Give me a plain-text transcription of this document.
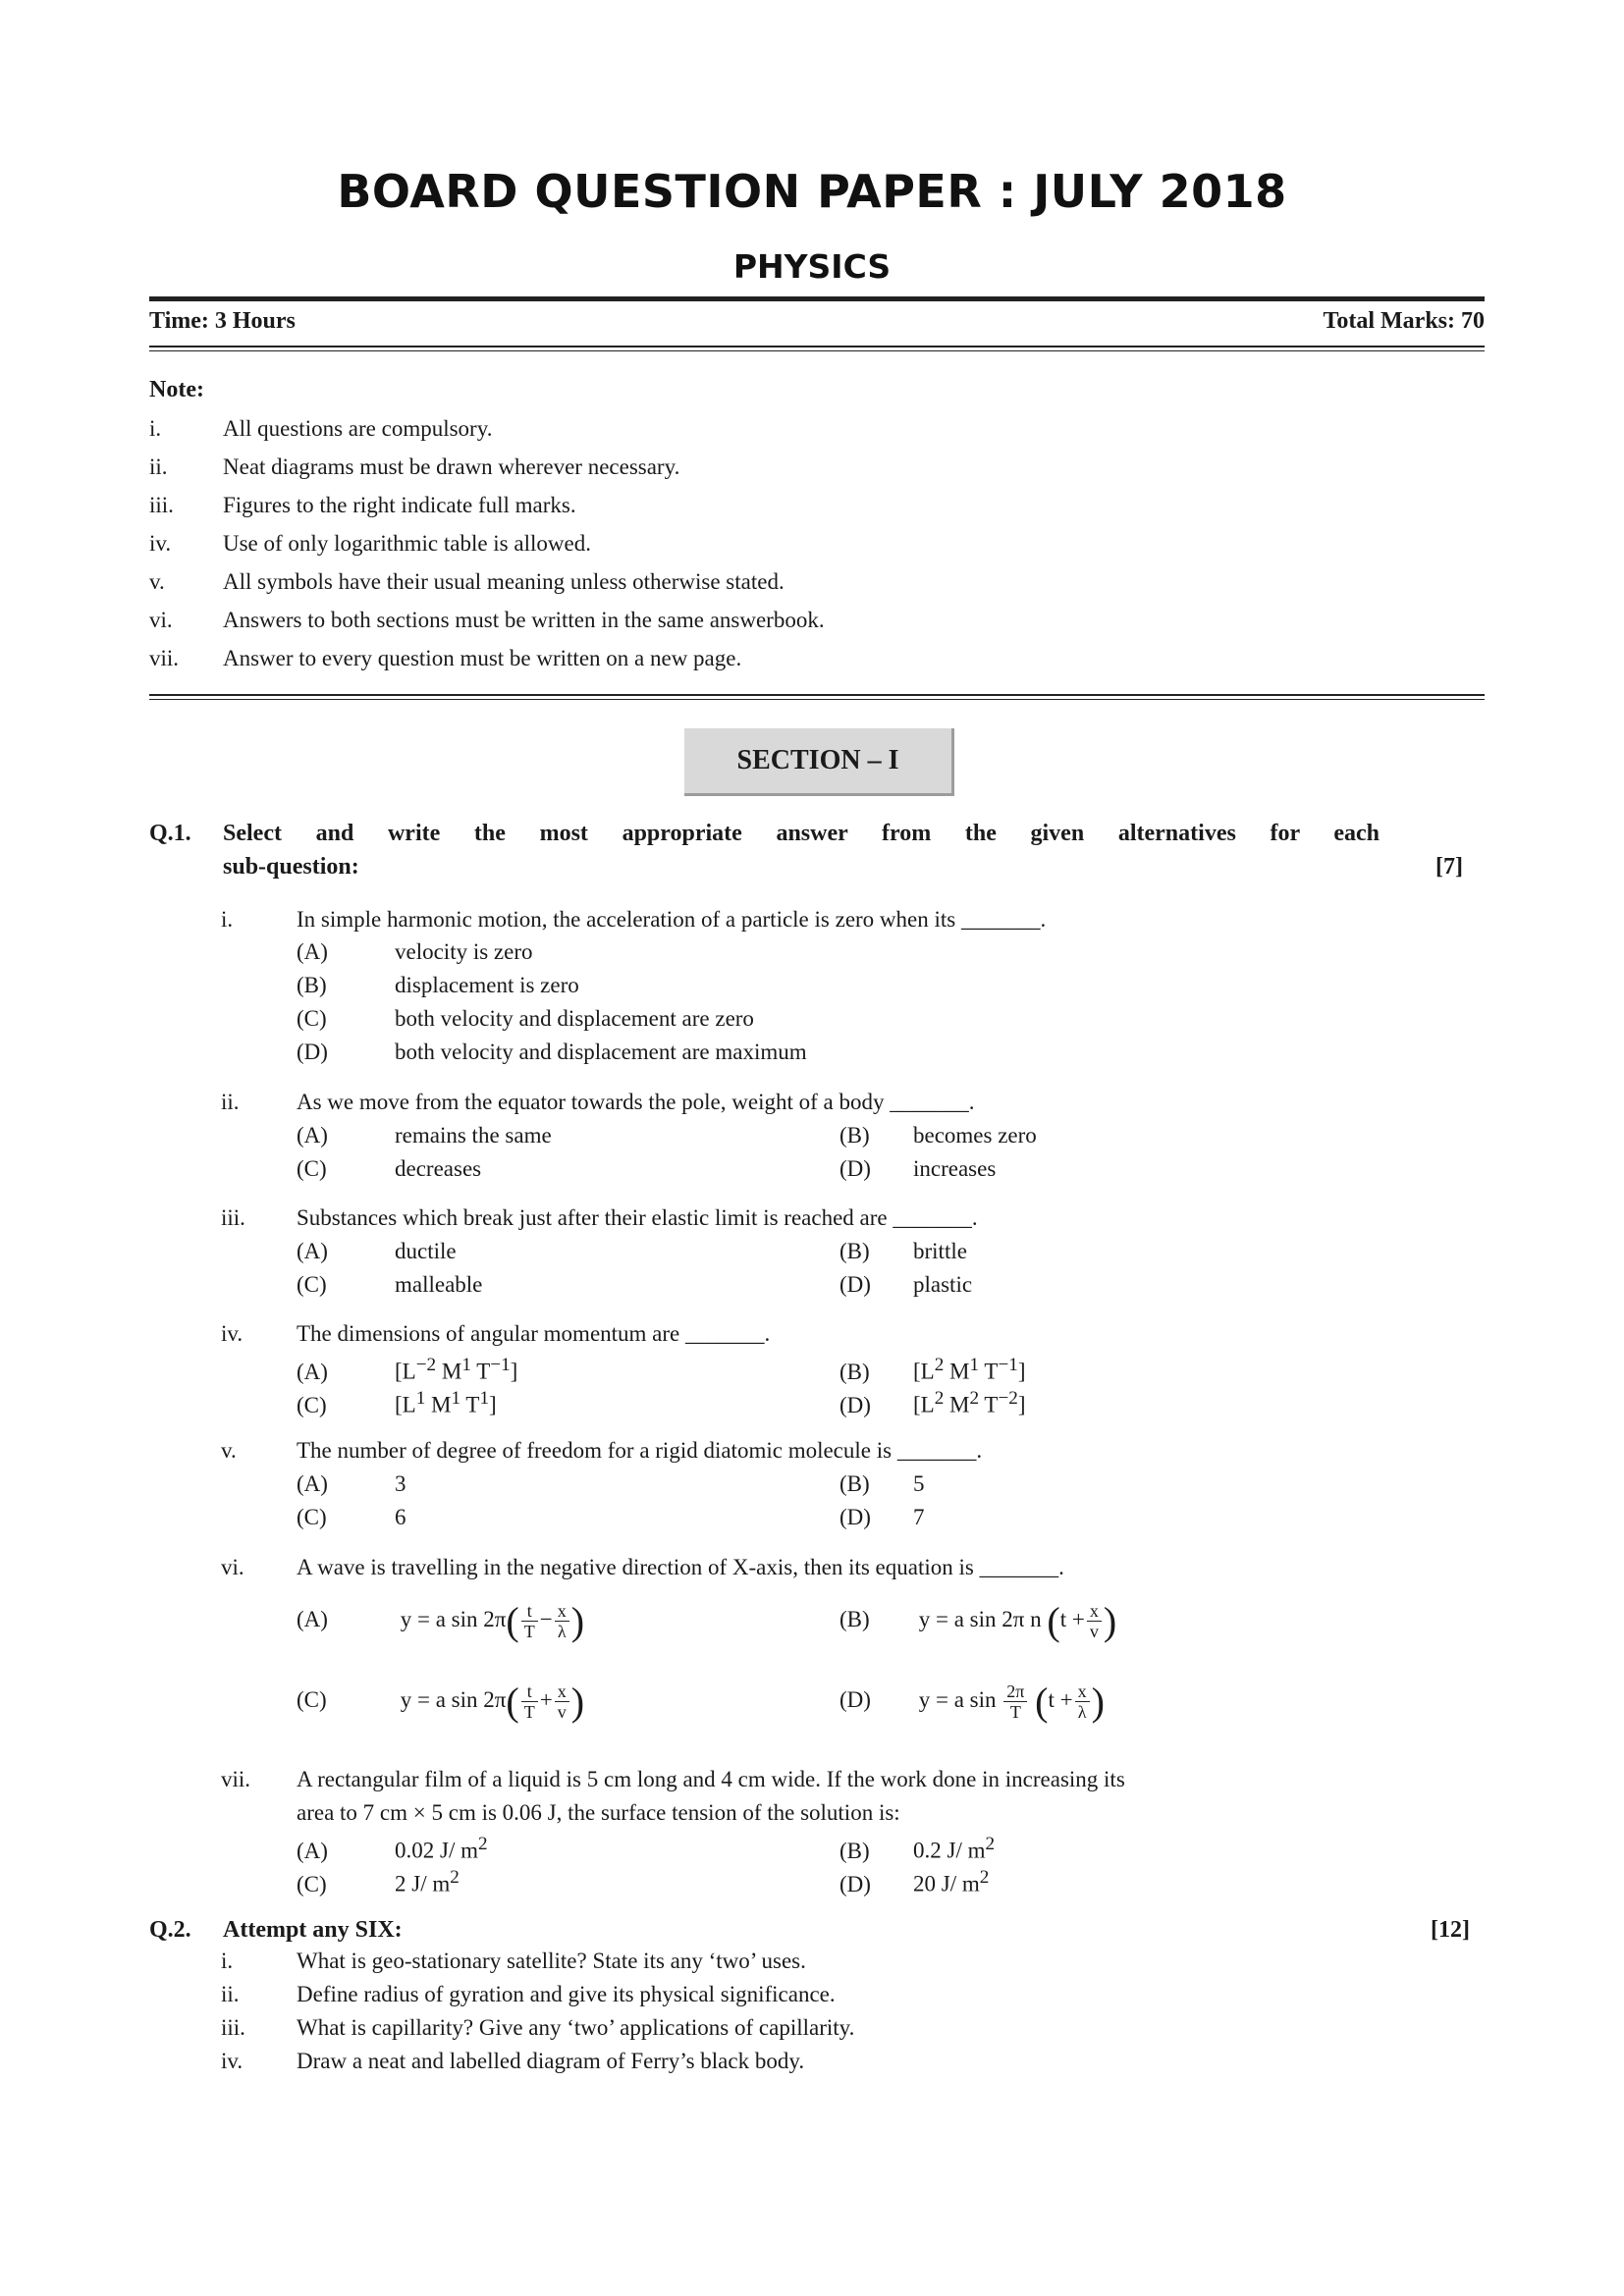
BOARD QUESTION PAPER : JULY 2018
PHYSICS
Time: 3 Hours	Total Marks: 70
Note:
i.	All questions are compulsory.
ii. Neat diagrams must be drawn wherever necessary.
iii. Figures to the right indicate full marks.
iv. Use of only logarithmic table is allowed.
v.	All symbols have their usual meaning unless otherwise stated.
vi. Answers to both sections must be written in the same answerbook.
vii. Answer to every question must be written on a new page.
SECTION – I
Q.1. Select and write the most appropriate answer from the given alternatives for each
sub-question:	[7]
i.	In simple harmonic motion, the acceleration of a particle is zero when its _______.
(A)	velocity is zero
(B)	displacement is zero
(C)	both velocity and displacement are zero
(D)	both velocity and displacement are maximum
ii.	As we move from the equator towards the pole, weight of a body _______.
(A)	remains the same	(B) becomes zero
(C)	decreases	(D) increases
iii. Substances which break just after their elastic limit is reached are _______.
(A)	ductile	(B) brittle
(C)	malleable	(D) plastic
iv. The dimensions of angular momentum are _______.
(A)	[$L^{-2}$ $M^1$ $T^{-1}$]	(B) [$L^2$ $M^1$ $T^{-1}$]
(C)	[$L^1$ $M^1$ $T^1$]	(D) [$L^2$ $M^2$ $T^{-2}$]
v.	The number of degree of freedom for a rigid diatomic molecule is _______.
(A)	3	(B) 5
(C)	6	(D) 7
vi. A wave is travelling in the negative direction of X-axis, then its equation is _______.
(A)	y = a $\sin 2\pi( \frac{t}{T} - \frac{x}{\lambda}$ )	(B) y = a sin 2π n ($t + \frac{x}{v}$ )
(C)	y = a $\sin 2\pi( \frac{t}{T} + \frac{x}{v}$ )	(D) y = a $\sin \frac{2\pi}{T} (t + \frac{x}{\lambda}$ )
vii. A rectangular film of a liquid is 5 cm long and 4 cm wide. If the work done in increasing its
area to 7 cm × 5 cm is 0.06 J, the surface tension of the solution is:
(A)	0.02 J/ $m^2$	(B) 0.2 J/ $m^2$
(C)	2 J/ $m^2$	(D) 20 J/ $m^2$
Q.2. Attempt any SIX:	[12]
i.	What is geo-stationary satellite? State its any ‘two’ uses.
ii.	Define radius of gyration and give its physical significance.
iii. What is capillarity? Give any ‘two’ applications of capillarity.
iv. Draw a neat and labelled diagram of Ferry’s black body.
